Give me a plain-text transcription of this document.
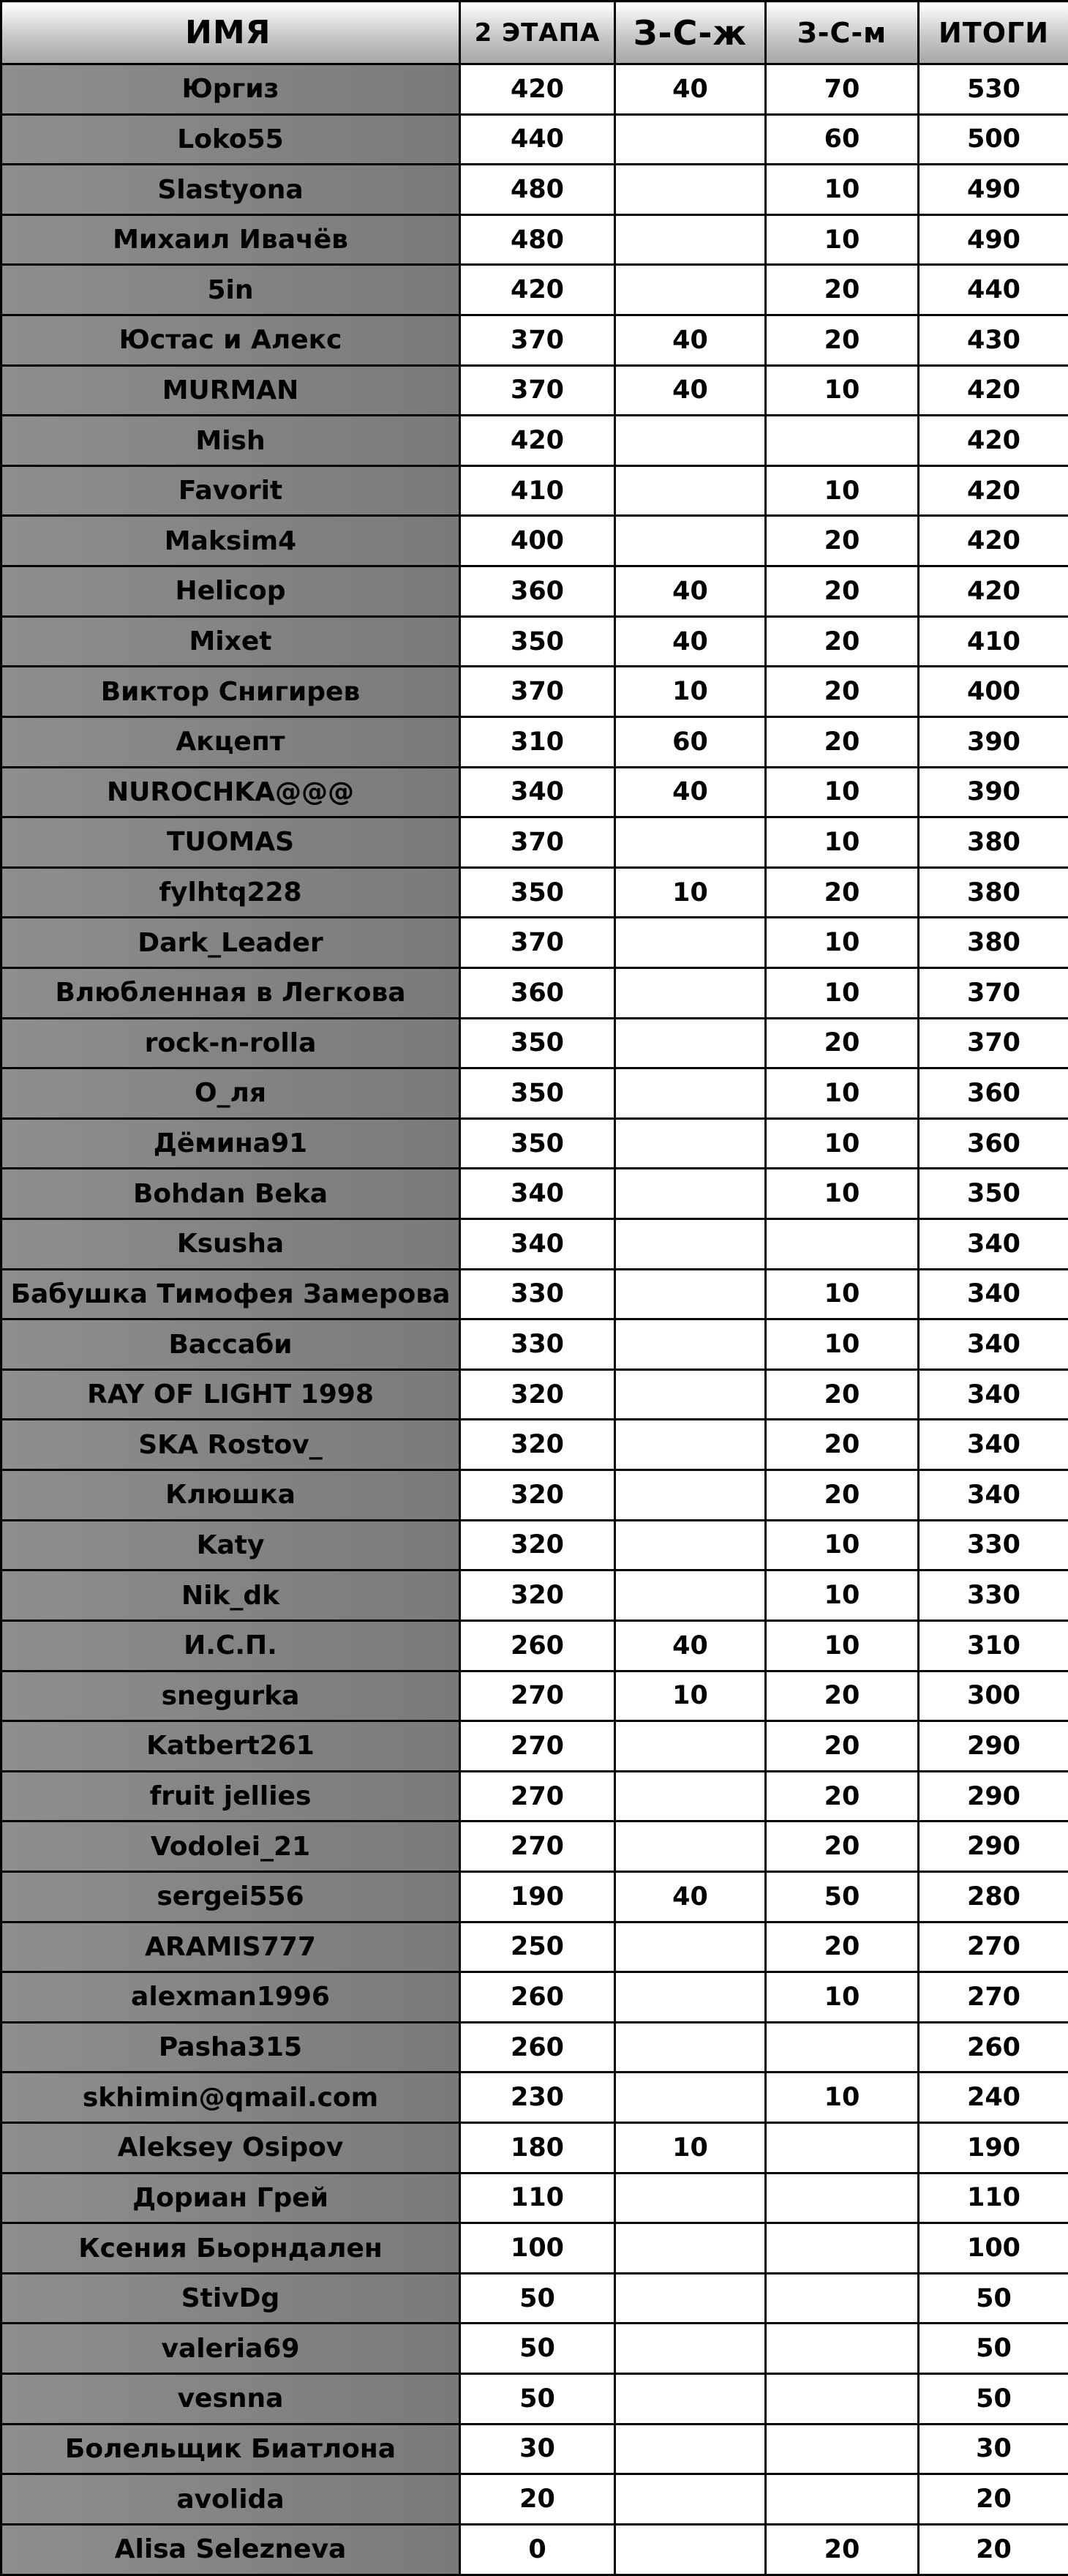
ИМЯ	2 ЭТАПА	З-С-ж	З-С-м	ИТОГИ
Юргиз	420	40	70	530
Loko55	440		60	500
Slastyona	480		10	490
Михаил Ивачёв	480		10	490
5in	420		20	440
Юстас и Алекс	370	40	20	430
MURMAN	370	40	10	420
Mish	420			420
Favorit	410		10	420
Maksim4	400		20	420
Helicop	360	40	20	420
Mixet	350	40	20	410
Виктор Снигирев	370	10	20	400
Акцепт	310	60	20	390
NUROCHKA@@@	340	40	10	390
TUOMAS	370		10	380
fylhtq228	350	10	20	380
Dark_Leader	370		10	380
Влюбленная в Легкова	360		10	370
rock-n-rolla	350		20	370
О_ля	350		10	360
Дёмина91	350		10	360
Bohdan Beka	340		10	350
Ksusha	340			340
Бабушка Тимофея Замерова	330		10	340
Вассаби	330		10	340
RAY OF LIGHT 1998	320		20	340
SKA Rostov_	320		20	340
Клюшка	320		20	340
Katy	320		10	330
Nik_dk	320		10	330
И.С.П.	260	40	10	310
snegurka	270	10	20	300
Katbert261	270		20	290
fruit jellies	270		20	290
Vodolei_21	270		20	290
sergei556	190	40	50	280
ARAMIS777	250		20	270
alexman1996	260		10	270
Pasha315	260			260
skhimin@qmail.com	230		10	240
Aleksey Osipov	180	10		190
Дориан Грей	110			110
Ксения Бьорндален	100			100
StivDg	50			50
valeria69	50			50
vesnna	50			50
Болельщик Биатлона	30			30
avolida	20			20
Alisa Selezneva	0		20	20
